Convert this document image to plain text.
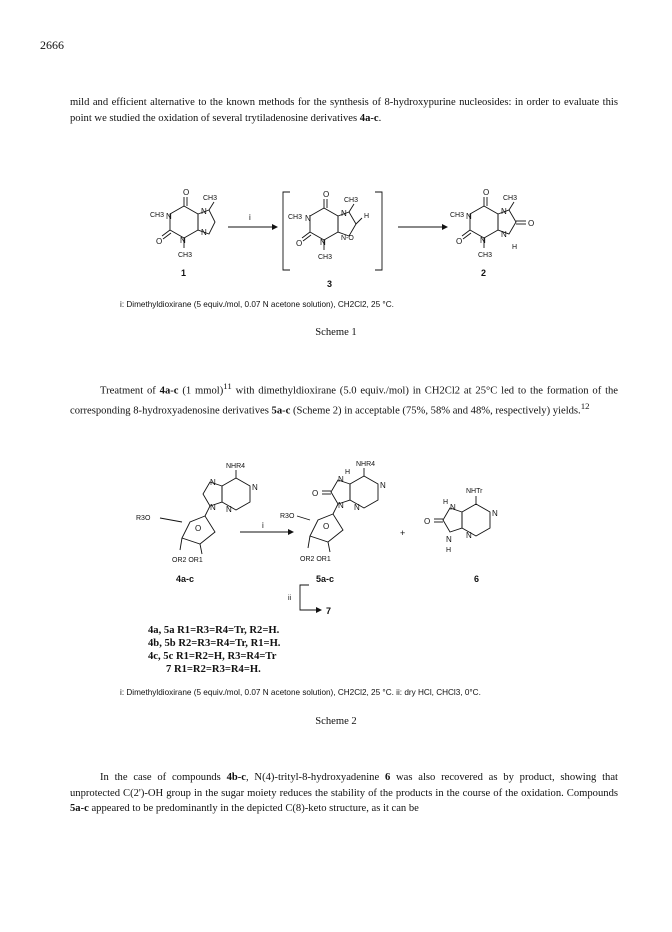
2666
mild and efficient alternative to the known methods for the synthesis of 8-hydroxypurine nucleosides: in order to evaluate this point we studied the oxidation of several trytiladenosine derivatives 4a-c.
O
CH3
CH3 N
N
N
O N
CH3
1
i
O
CH3
CH3 N
N H
N-O
O N
CH3
3
O
CH3
CH3 N
N
O
N
H
O N
CH3
2
i: Dimethyldioxirane (5 equiv./mol, 0.07 N acetone solution), CH2Cl2, 25 °C.
Scheme 1
Treatment of 4a-c (1 mmol)$^{11}$ with dimethyldioxirane (5.0 equiv./mol) in CH2Cl2 at 25°C led to the formation of the corresponding 8-hydroxyadenosine derivatives 5a-c (Scheme 2) in acceptable (75%, 58% and 48%, respectively) yields.$^{12}$
NHR4
N
N
N
N
R3O
O
OR2 OR1
4a-c
i
H
NHR4
N
N
O
N
N
R3O
O
OR2 OR1
5a-c
+
NHTr
H
N
N
O
N
N
H
6
ii
7
4a, 5a R1=R3=R4=Tr, R2=H.
4b, 5b R2=R3=R4=Tr, R1=H.
4c, 5c R1=R2=H, R3=R4=Tr
7 R1=R2=R3=R4=H.
i: Dimethyldioxirane (5 equiv./mol, 0.07 N acetone solution), CH2Cl2, 25 °C. ii: dry HCl, CHCl3, 0°C.
Scheme 2
In the case of compounds 4b-c, N(4)-trityl-8-hydroxyadenine 6 was also recovered as by product, showing that unprotected C(2')-OH group in the sugar moiety reduces the stability of the products in the course of the oxidation. Compounds 5a-c appeared to be predominantly in the depicted C(8)-keto structure, as it can be
